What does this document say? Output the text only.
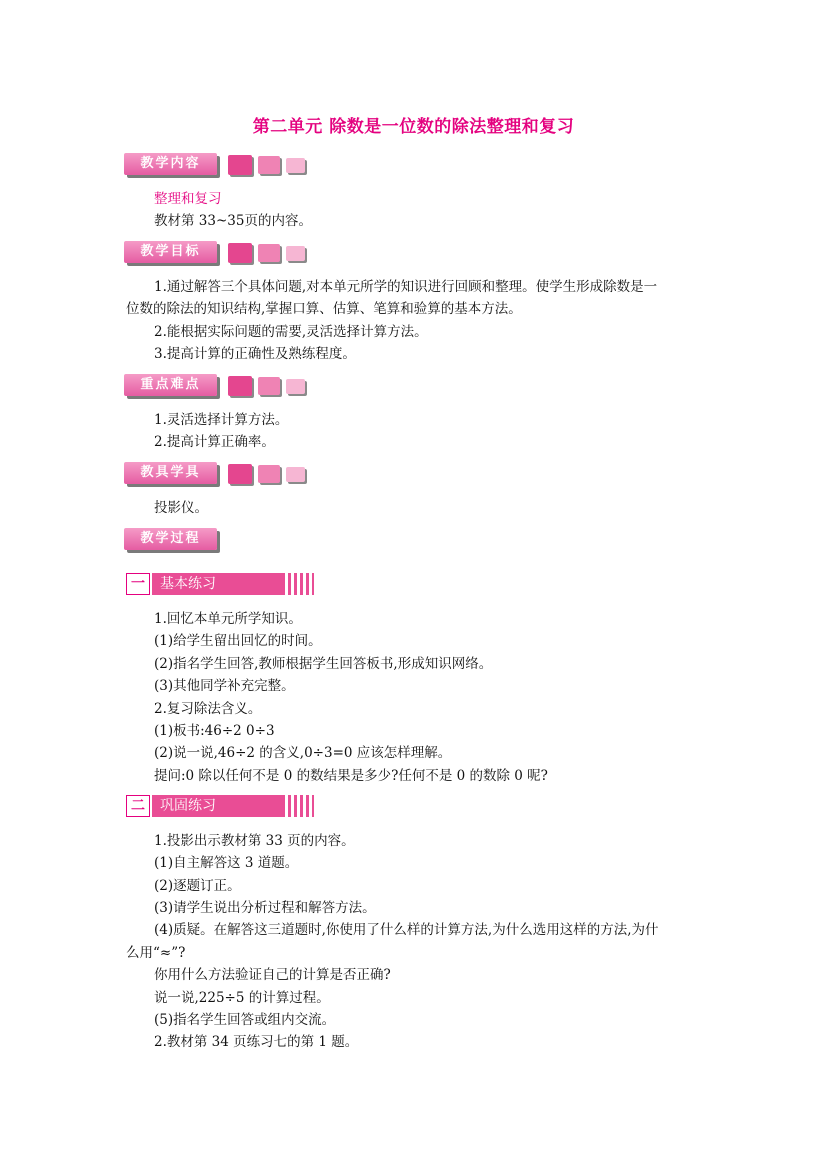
第二单元 除数是一位数的除法整理和复习
教学内容
整理和复习
教材第 33~35页的内容。
教学目标
1.通过解答三个具体问题,对本单元所学的知识进行回顾和整理。使学生形成除数是一
位数的除法的知识结构,掌握口算、估算、笔算和验算的基本方法。
2.能根据实际问题的需要,灵活选择计算方法。
3.提高计算的正确性及熟练程度。
重点难点
1.灵活选择计算方法。
2.提高计算正确率。
教具学具
投影仪。
教学过程
一	基本练习
1.回忆本单元所学知识。
(1)给学生留出回忆的时间。
(2)指名学生回答,教师根据学生回答板书,形成知识网络。
(3)其他同学补充完整。
2.复习除法含义。
(1)板书:46÷2 0÷3
(2)说一说,46÷2 的含义,0÷3=0 应该怎样理解。
提问:0 除以任何不是 0 的数结果是多少?任何不是 0 的数除 0 呢?
二	巩固练习
1.投影出示教材第 33 页的内容。
(1)自主解答这 3 道题。
(2)逐题订正。
(3)请学生说出分析过程和解答方法。
(4)质疑。在解答这三道题时,你使用了什么样的计算方法,为什么选用这样的方法,为什
么用“≈”?
你用什么方法验证自己的计算是否正确?
说一说,225÷5 的计算过程。
(5)指名学生回答或组内交流。
2.教材第 34 页练习七的第 1 题。
